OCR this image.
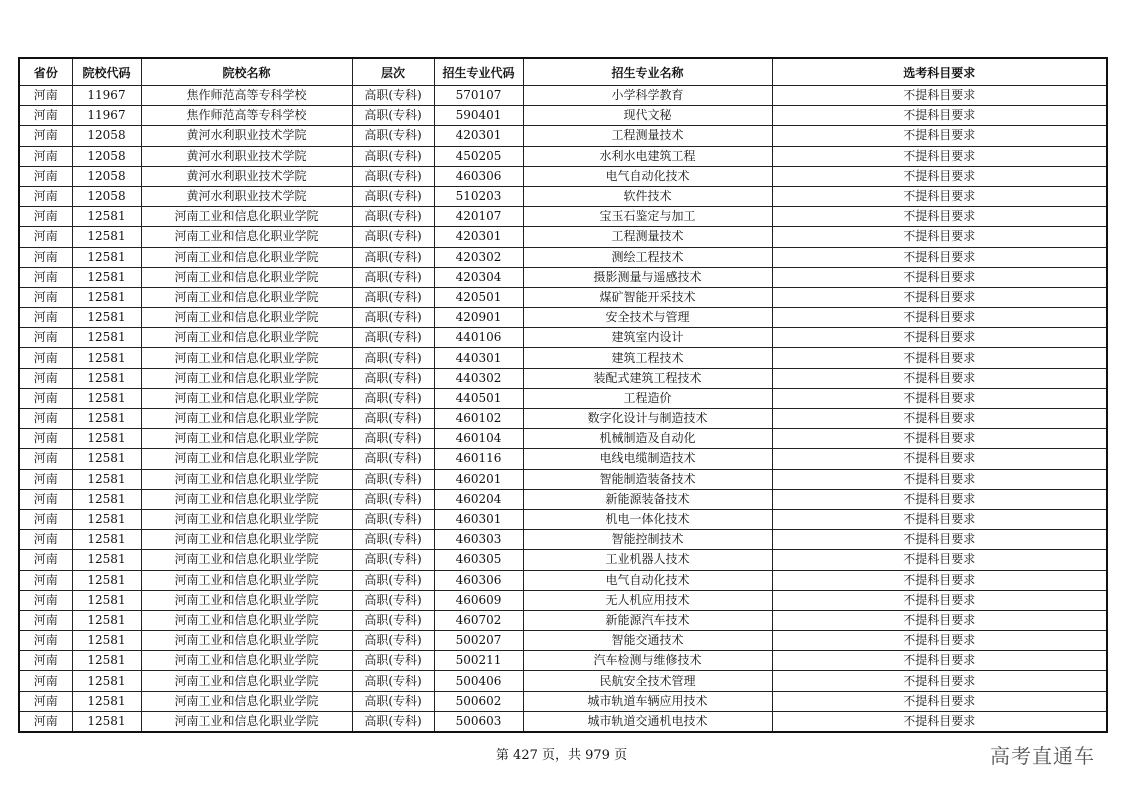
省份	院校代码	院校名称	层次	招生专业代码	招生专业名称	选考科目要求
河南	11967	焦作师范高等专科学校	高职(专科)	570107	小学科学教育	不提科目要求
河南	11967	焦作师范高等专科学校	高职(专科)	590401	现代文秘	不提科目要求
河南	12058	黄河水利职业技术学院	高职(专科)	420301	工程测量技术	不提科目要求
河南	12058	黄河水利职业技术学院	高职(专科)	450205	水利水电建筑工程	不提科目要求
河南	12058	黄河水利职业技术学院	高职(专科)	460306	电气自动化技术	不提科目要求
河南	12058	黄河水利职业技术学院	高职(专科)	510203	软件技术	不提科目要求
河南	12581	河南工业和信息化职业学院	高职(专科)	420107	宝玉石鉴定与加工	不提科目要求
河南	12581	河南工业和信息化职业学院	高职(专科)	420301	工程测量技术	不提科目要求
河南	12581	河南工业和信息化职业学院	高职(专科)	420302	测绘工程技术	不提科目要求
河南	12581	河南工业和信息化职业学院	高职(专科)	420304	摄影测量与遥感技术	不提科目要求
河南	12581	河南工业和信息化职业学院	高职(专科)	420501	煤矿智能开采技术	不提科目要求
河南	12581	河南工业和信息化职业学院	高职(专科)	420901	安全技术与管理	不提科目要求
河南	12581	河南工业和信息化职业学院	高职(专科)	440106	建筑室内设计	不提科目要求
河南	12581	河南工业和信息化职业学院	高职(专科)	440301	建筑工程技术	不提科目要求
河南	12581	河南工业和信息化职业学院	高职(专科)	440302	装配式建筑工程技术	不提科目要求
河南	12581	河南工业和信息化职业学院	高职(专科)	440501	工程造价	不提科目要求
河南	12581	河南工业和信息化职业学院	高职(专科)	460102	数字化设计与制造技术	不提科目要求
河南	12581	河南工业和信息化职业学院	高职(专科)	460104	机械制造及自动化	不提科目要求
河南	12581	河南工业和信息化职业学院	高职(专科)	460116	电线电缆制造技术	不提科目要求
河南	12581	河南工业和信息化职业学院	高职(专科)	460201	智能制造装备技术	不提科目要求
河南	12581	河南工业和信息化职业学院	高职(专科)	460204	新能源装备技术	不提科目要求
河南	12581	河南工业和信息化职业学院	高职(专科)	460301	机电一体化技术	不提科目要求
河南	12581	河南工业和信息化职业学院	高职(专科)	460303	智能控制技术	不提科目要求
河南	12581	河南工业和信息化职业学院	高职(专科)	460305	工业机器人技术	不提科目要求
河南	12581	河南工业和信息化职业学院	高职(专科)	460306	电气自动化技术	不提科目要求
河南	12581	河南工业和信息化职业学院	高职(专科)	460609	无人机应用技术	不提科目要求
河南	12581	河南工业和信息化职业学院	高职(专科)	460702	新能源汽车技术	不提科目要求
河南	12581	河南工业和信息化职业学院	高职(专科)	500207	智能交通技术	不提科目要求
河南	12581	河南工业和信息化职业学院	高职(专科)	500211	汽车检测与维修技术	不提科目要求
河南	12581	河南工业和信息化职业学院	高职(专科)	500406	民航安全技术管理	不提科目要求
河南	12581	河南工业和信息化职业学院	高职(专科)	500602	城市轨道车辆应用技术	不提科目要求
河南	12581	河南工业和信息化职业学院	高职(专科)	500603	城市轨道交通机电技术	不提科目要求
第 427 页，共 979 页	高考直通车
